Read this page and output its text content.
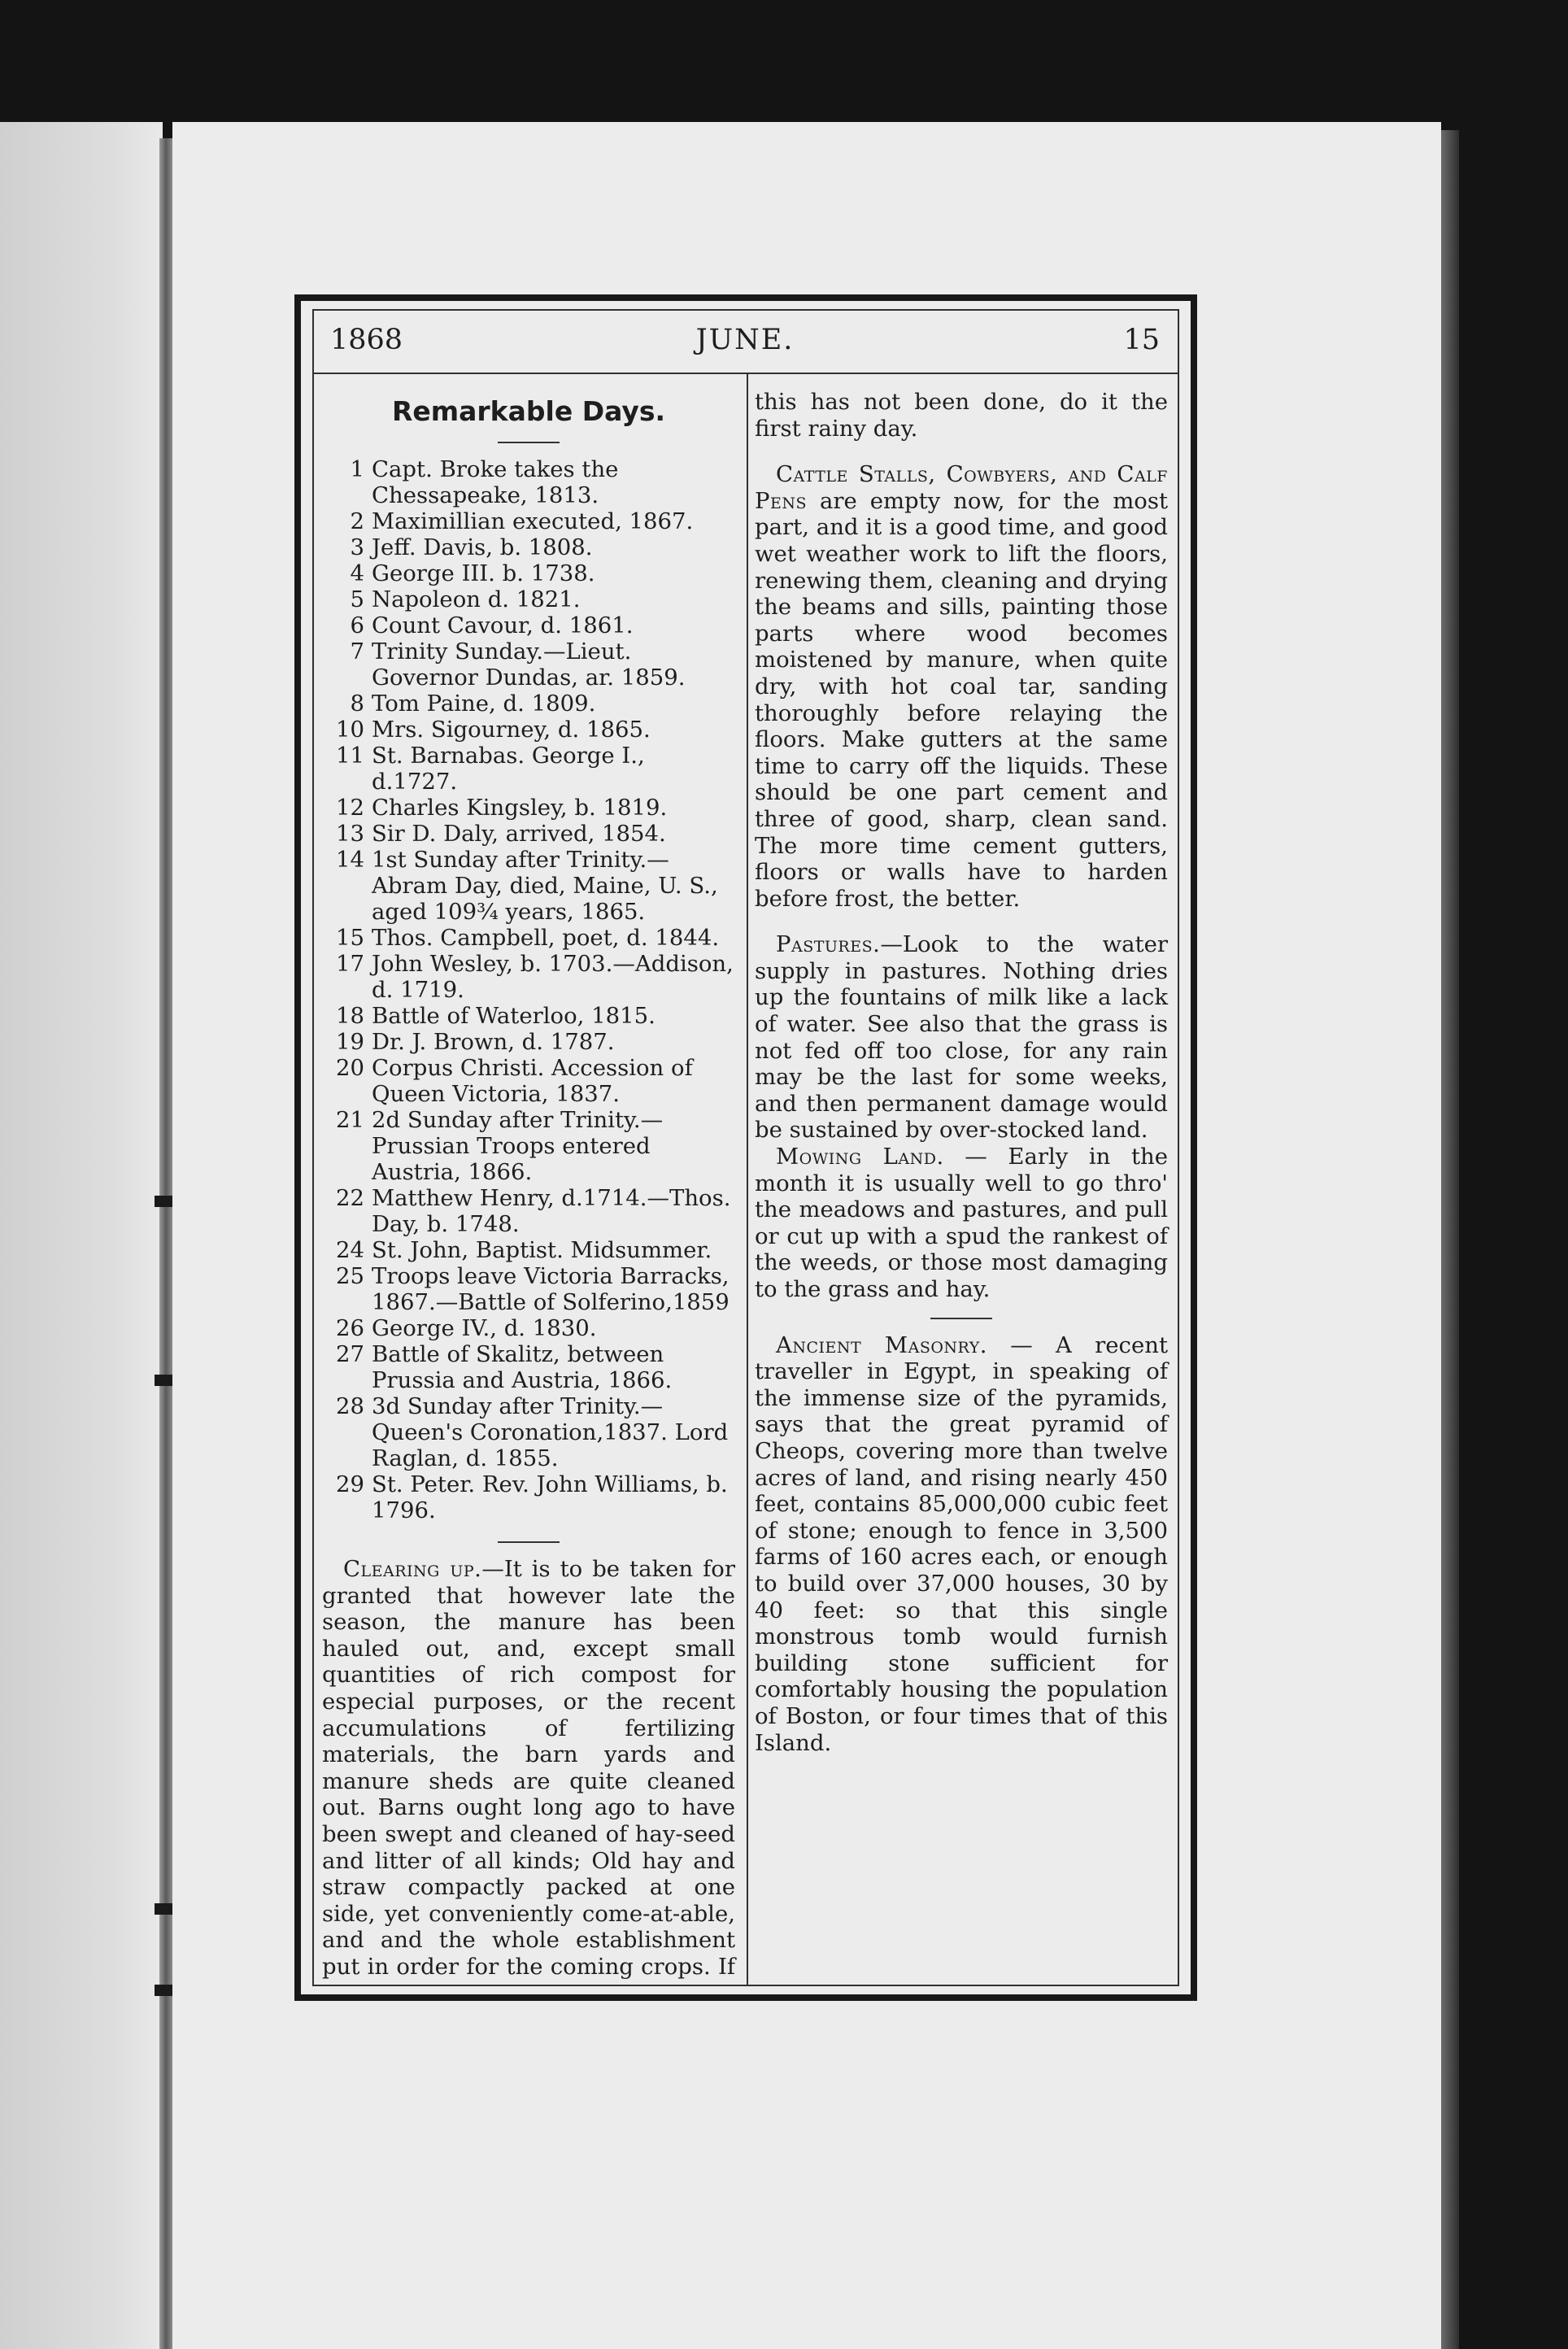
1868	JUNE.	15
Remarkable Days.
1 Capt. Broke takes the Chessapeake, 1813.
2 Maximillian executed, 1867.
3 Jeff. Davis, b. 1808.
4 George III. b. 1738.
5 Napoleon d. 1821.
6 Count Cavour, d. 1861.
7 Trinity Sunday.—Lieut. Governor Dundas, ar. 1859.
8 Tom Paine, d. 1809.
10 Mrs. Sigourney, d. 1865.
11 St. Barnabas. George I., d.1727.
12 Charles Kingsley, b. 1819.
13 Sir D. Daly, arrived, 1854.
14 1st Sunday after Trinity.—Abram Day, died, Maine, U. S., aged 109¾ years, 1865.
15 Thos. Campbell, poet, d. 1844.
17 John Wesley, b. 1703.—Addison, d. 1719.
18 Battle of Waterloo, 1815.
19 Dr. J. Brown, d. 1787.
20 Corpus Christi. Accession of Queen Victoria, 1837.
21 2d Sunday after Trinity.—Prussian Troops entered Austria, 1866.
22 Matthew Henry, d.1714.—Thos. Day, b. 1748.
24 St. John, Baptist. Midsummer.
25 Troops leave Victoria Barracks, 1867.—Battle of Solferino,1859
26 George IV., d. 1830.
27 Battle of Skalitz, between Prussia and Austria, 1866.
28 3d Sunday after Trinity.—Queen's Coronation,1837. Lord Raglan, d. 1855.
29 St. Peter. Rev. John Williams, b. 1796.

Clearing up.—It is to be taken for granted that however late the season, the manure has been hauled out, and, except small quantities of rich compost for especial purposes, or the recent accumulations of fertilizing materials, the barn yards and manure sheds are quite cleaned out. Barns ought long ago to have been swept and cleaned of hay-seed and litter of all kinds; Old hay and straw compactly packed at one side, yet conveniently come-at-able, and and the whole establishment put in order for the coming crops. If

this has not been done, do it the first rainy day.

Cattle Stalls, Cowbyers, and Calf Pens are empty now, for the most part, and it is a good time, and good wet weather work to lift the floors, renewing them, cleaning and drying the beams and sills, painting those parts where wood becomes moistened by manure, when quite dry, with hot coal tar, sanding thoroughly before relaying the floors. Make gutters at the same time to carry off the liquids. These should be one part cement and three of good, sharp, clean sand. The more time cement gutters, floors or walls have to harden before frost, the better.

Pastures.—Look to the water supply in pastures. Nothing dries up the fountains of milk like a lack of water. See also that the grass is not fed off too close, for any rain may be the last for some weeks, and then permanent damage would be sustained by over-stocked land.

Mowing Land. — Early in the month it is usually well to go thro' the meadows and pastures, and pull or cut up with a spud the rankest of the weeds, or those most damaging to the grass and hay.

Ancient Masonry. — A recent traveller in Egypt, in speaking of the immense size of the pyramids, says that the great pyramid of Cheops, covering more than twelve acres of land, and rising nearly 450 feet, contains 85,000,000 cubic feet of stone; enough to fence in 3,500 farms of 160 acres each, or enough to build over 37,000 houses, 30 by 40 feet: so that this single monstrous tomb would furnish building stone sufficient for comfortably housing the population of Boston, or four times that of this Island.
